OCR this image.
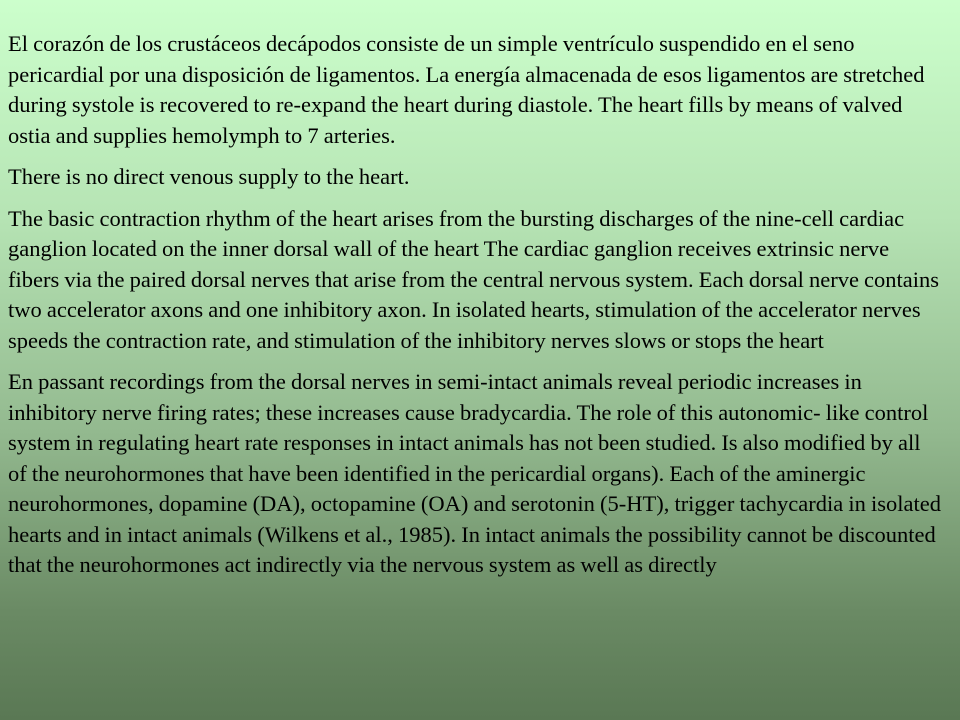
El corazón de los crustáceos decápodos consiste de un simple ventrículo suspendido en el seno pericardial por una disposición de ligamentos. La energía almacenada de esos ligamentos are stretched during systole is recovered to re-expand the heart during diastole. The heart fills by means of valved ostia and supplies hemolymph to 7 arteries.

There is no direct venous supply to the heart.

The basic contraction rhythm of the heart arises from the bursting discharges of the nine-cell cardiac ganglion located on the inner dorsal wall of the heart The cardiac ganglion receives extrinsic nerve fibers via the paired dorsal nerves that arise from the central nervous system. Each dorsal nerve contains two accelerator axons and one inhibitory axon. In isolated hearts, stimulation of the accelerator nerves speeds the contraction rate, and stimulation of the inhibitory nerves slows or stops the heart

En passant recordings from the dorsal nerves in semi-intact animals reveal periodic increases in inhibitory nerve firing rates; these increases cause bradycardia. The role of this autonomic- like control system in regulating heart rate responses in intact animals has not been studied. Is also modified by all of the neurohormones that have been identified in the pericardial organs). Each of the aminergic neurohormones, dopamine (DA), octopamine (OA) and serotonin (5-HT), trigger tachycardia in isolated hearts and in intact animals (Wilkens et al., 1985). In intact animals the possibility cannot be discounted that the neurohormones act indirectly via the nervous system as well as directly
